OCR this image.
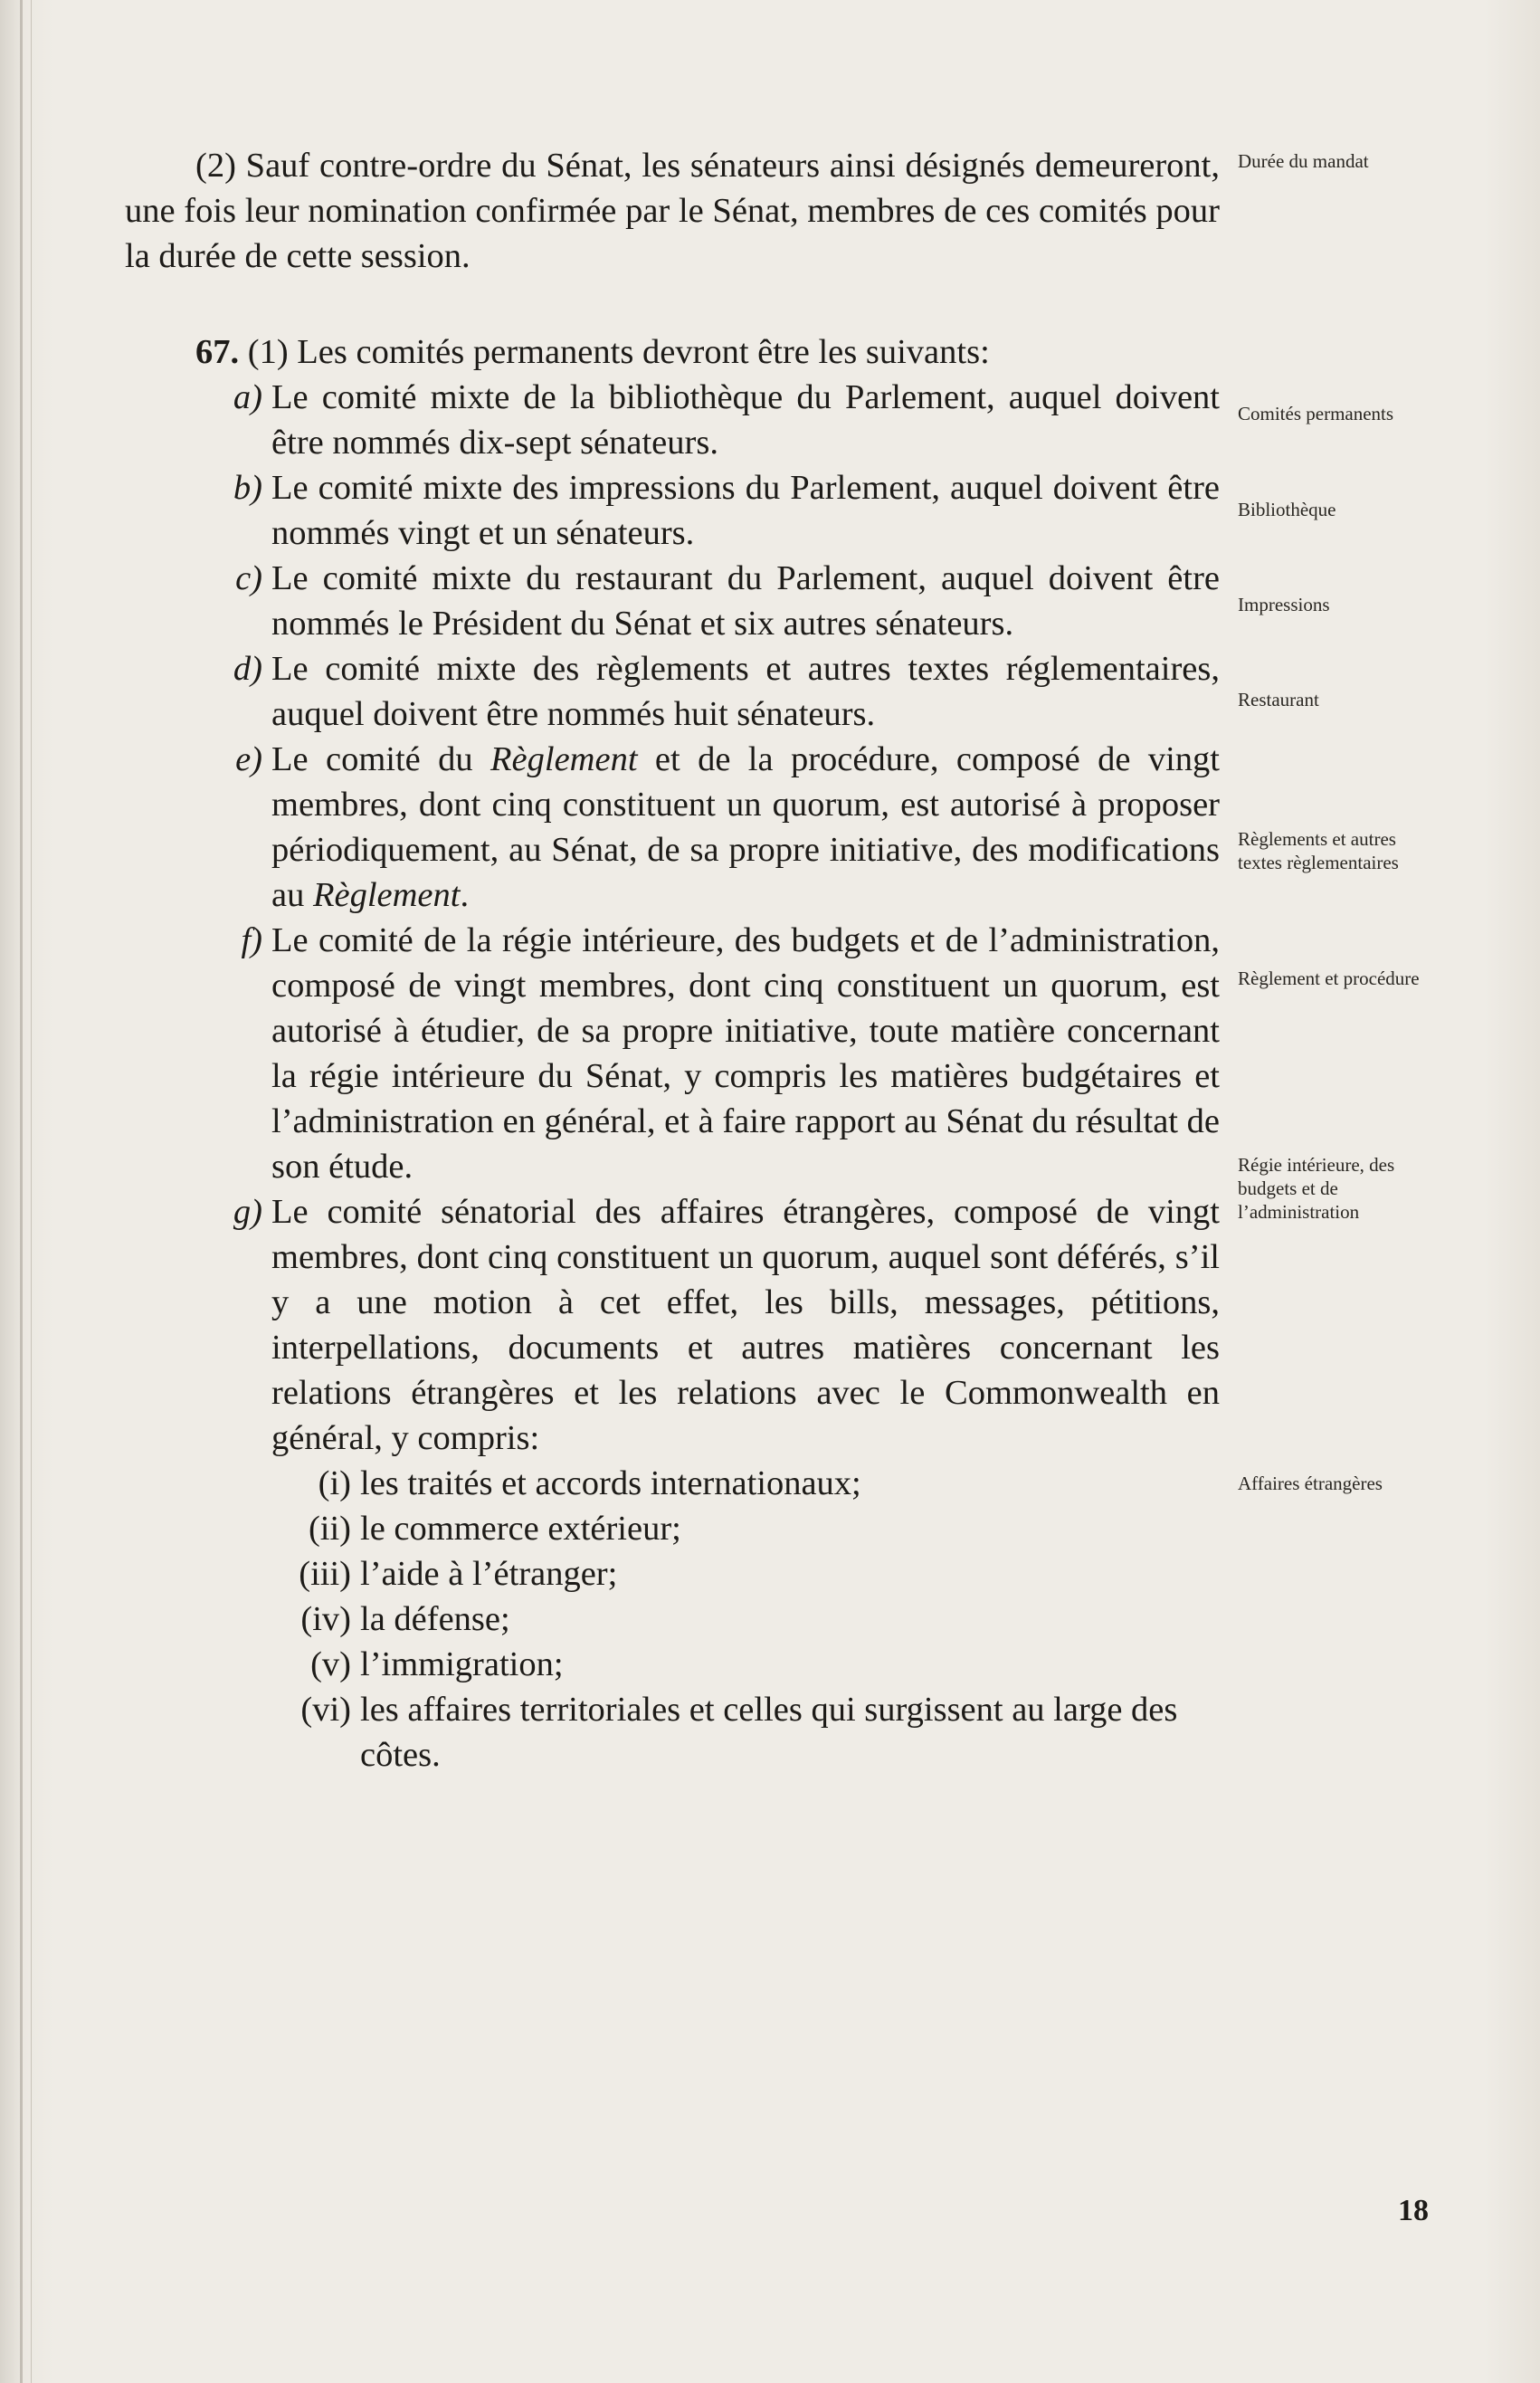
(2) Sauf contre-ordre du Sénat, les sénateurs ainsi désignés demeureront, une fois leur nomination confirmée par le Sénat, membres de ces comités pour la durée de cette session.

67. (1) Les comités permanents devront être les suivants:

a) Le comité mixte de la bibliothèque du Parlement, auquel doivent être nommés dix-sept sénateurs.
b) Le comité mixte des impressions du Parlement, auquel doivent être nommés vingt et un sénateurs.
c) Le comité mixte du restaurant du Parlement, auquel doivent être nommés le Président du Sénat et six autres sénateurs.
d) Le comité mixte des règlements et autres textes réglementaires, auquel doivent être nommés huit sénateurs.
e) Le comité du Règlement et de la procédure, composé de vingt membres, dont cinq constituent un quorum, est autorisé à proposer périodiquement, au Sénat, de sa propre initiative, des modifications au Règlement.
f) Le comité de la régie intérieure, des budgets et de l’administration, composé de vingt membres, dont cinq constituent un quorum, est autorisé à étudier, de sa propre initiative, toute matière concernant la régie intérieure du Sénat, y compris les matières budgétaires et l’administration en général, et à faire rapport au Sénat du résultat de son étude.
g) Le comité sénatorial des affaires étrangères, composé de vingt membres, dont cinq constituent un quorum, auquel sont déférés, s’il y a une motion à cet effet, les bills, messages, pétitions, interpellations, documents et autres matières concernant les relations étrangères et les relations avec le Commonwealth en général, y compris:
(i) les traités et accords internationaux;
(ii) le commerce extérieur;
(iii) l’aide à l’étranger;
(iv) la défense;
(v) l’immigration;
(vi) les affaires territoriales et celles qui surgissent au large des côtes.
Durée du mandat
Comités permanents
Bibliothèque
Impressions
Restaurant
Règlements et autres textes règlementaires
Règlement et procédure
Régie intérieure, des budgets et de l’administration
Affaires étrangères
18
